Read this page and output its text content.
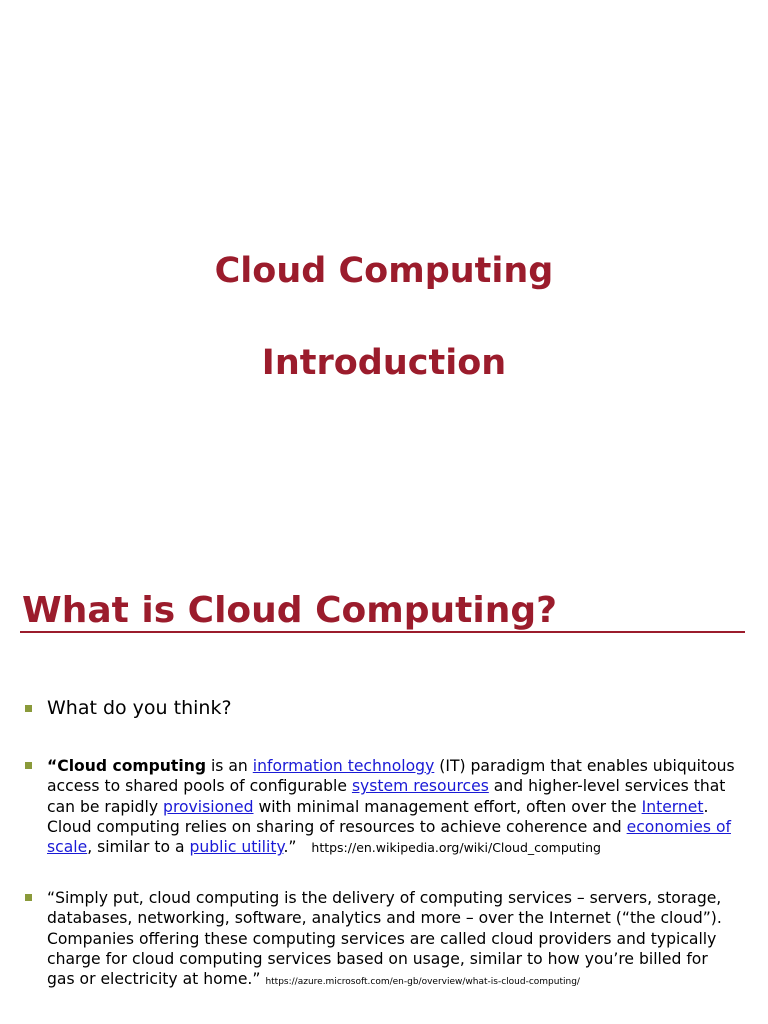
Cloud Computing
Introduction
What is Cloud Computing?
What do you think?
“Cloud computing is an information technology (IT) paradigm that enables ubiquitous access to shared pools of configurable system resources and higher-level services that can be rapidly provisioned with minimal management effort, often over the Internet. Cloud computing relies on sharing of resources to achieve coherence and economies of scale, similar to a public utility.” https://en.wikipedia.org/wiki/Cloud_computing
“Simply put, cloud computing is the delivery of computing services – servers, storage, databases, networking, software, analytics and more – over the Internet (“the cloud”). Companies offering these computing services are called cloud providers and typically charge for cloud computing services based on usage, similar to how you’re billed for gas or electricity at home.” https://azure.microsoft.com/en-gb/overview/what-is-cloud-computing/
